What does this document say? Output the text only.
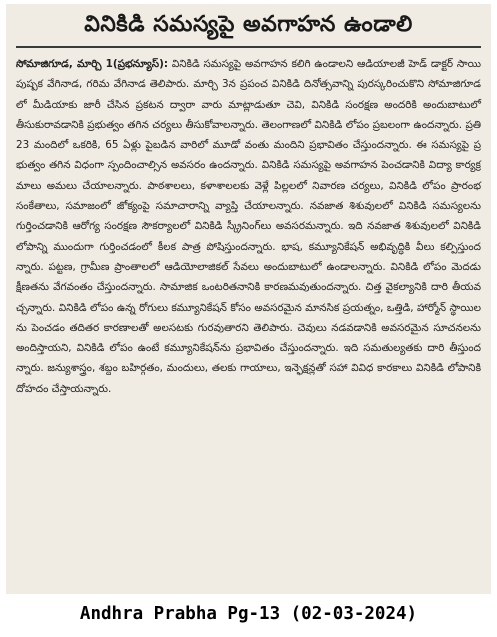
వినికిడి సమస్యపై అవగాహన ఉండాలి
సోమాజిగూడ, మార్చి 1(ప్రభన్యూస్): వినికిడి సమస్యపై అవగాహన కలిగి ఉండాలని ఆడియాలజీ హెడ్ డాక్టర్ సాయి పుష్పక వేగినాడ, గరిమ వేగినాడ తెలిపారు. మార్చి 3న ప్రపంచ వినికిడి దినోత్సవాన్ని పురస్కరించుకొని సోమాజిగూడలో మీడియాకు జారీ చేసిన ప్రకటన ద్వారా వారు మాట్లాడుతూ చెవి, వినికిడి సంరక్షణ అందరికి అందుబాటులో తీసుకురావడానికి ప్రభుత్వం తగిన చర్యలు తీసుకోవాలన్నారు. తెలంగాణలో వినికిడి లోపం ప్రబలంగా ఉందన్నారు. ప్రతి 23 మందిలో ఒకరికి, 65 ఏళ్లు పైబడిన వారిలో మూడో వంతు మందిని ప్రభావితం చేస్తుందన్నారు. ఈ సమస్యపై ప్రభుత్వం తగిన విధంగా స్పందించాల్సిన అవసరం ఉందన్నారు. వినికిడి సమస్యపై అవగాహన పెంచడానికి విద్యా కార్యక్రమాలు అమలు చేయాలన్నారు. పాఠశాలలు, కళాశాలలకు వెళ్లే పిల్లలలో నివారణ చర్యలు, వినికిడి లోపం ప్రారంభ సంకేతాలు, సమాజంలో జోక్యంపై సమాచారాన్ని వ్యాప్తి చేయాలన్నారు. నవజాత శిశువులలో వినికిడి సమస్యలను గుర్తించడానికి ఆరోగ్య సంరక్షణ సౌకర్యాలలో వినికిడి స్క్రీనింగ్‌లు అవసరమన్నారు. ఇది నవజాత శిశువులలో వినికిడి లోపాన్ని ముందుగా గుర్తించడంలో కీలక పాత్ర పోషిస్తుందన్నారు. భాష, కమ్యూనికేషన్ అభివృద్ధికి వీలు కల్పిస్తుందన్నారు. పట్టణ, గ్రామీణ ప్రాంతాలలో ఆడియోలాజికల్ సేవలు అందుబాటులో ఉండాలన్నారు. వినికిడి లోపం మెదడు క్షీణతను వేగవంతం చేస్తుందన్నారు. సామాజిక ఒంటరితనానికి కారణమవుతుందన్నారు. చిత్త వైకల్యానికి దారి తీయవచ్చన్నారు. వినికిడి లోపం ఉన్న రోగులు కమ్యూనికేషన్ కోసం అవసరమైన మానసిక ప్రయత్నం, ఒత్తిడి, హార్మోన్ స్థాయిలను పెంచడం తదితర కారణాలతో అలసటకు గురవుతారని తెలిపారు. చెవులు నడవడానికి అవసరమైన సూచనలను అందిస్తాయని, వినికిడి లోపం ఉంటే కమ్యూనికేషన్‌ను ప్రభావితం చేస్తుందన్నారు. ఇది సమతుల్యతకు దారి తీస్తుందన్నారు. జన్యుశాస్త్రం, శబ్దం బహిర్గతం, మందులు, తలకు గాయాలు, ఇన్ఫెక్షన్లతో సహా వివిధ కారకాలు వినికిడి లోపానికి దోహదం చేస్తాయన్నారు.
Andhra Prabha Pg-13 (02-03-2024)
